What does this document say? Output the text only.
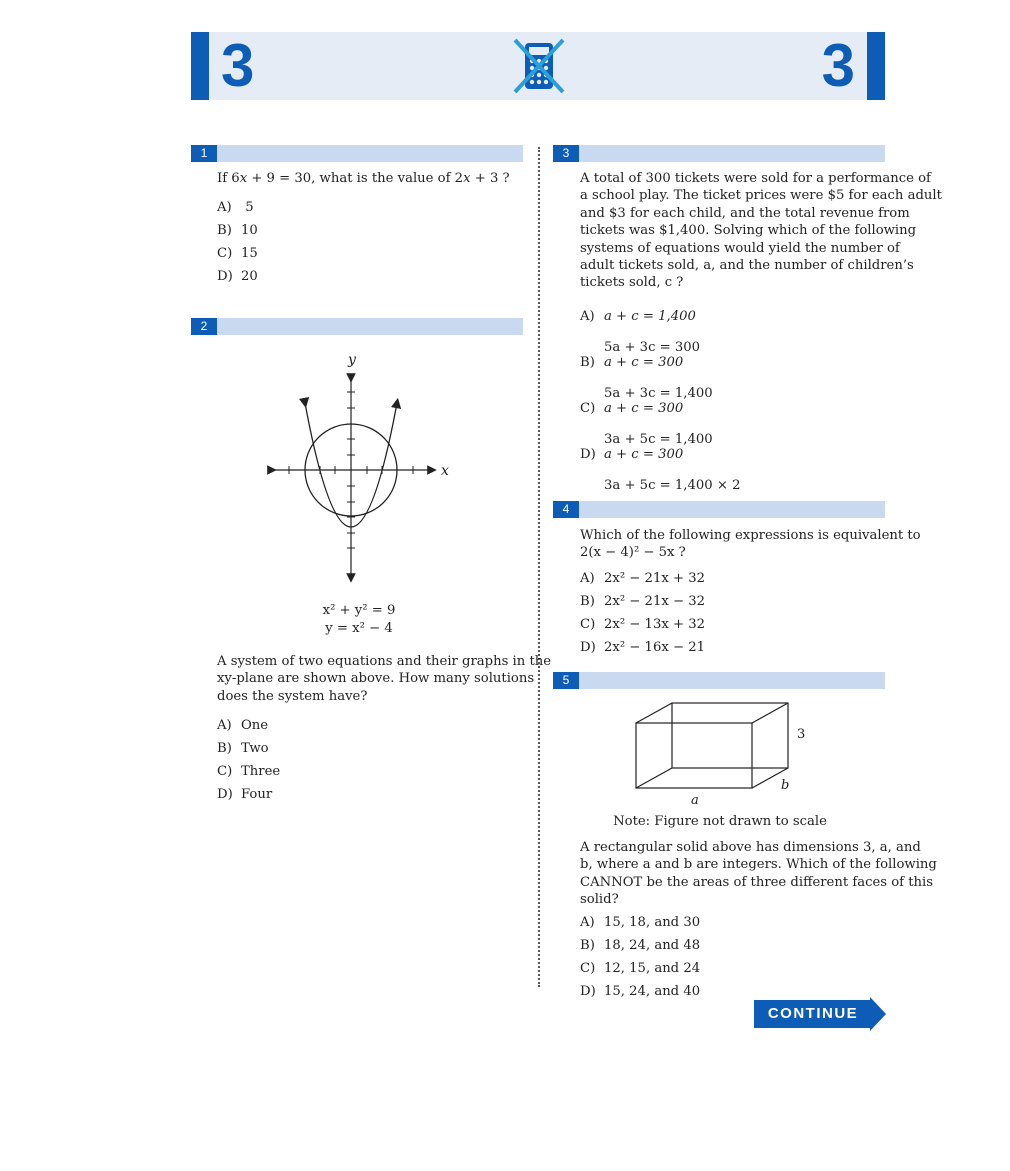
3	3
1
If 6x + 9 = 30, what is the value of 2x + 3 ?
A) 5
B) 10
C) 15
D) 20
2
y
x
x² + y² = 9
y = x² − 4
A system of two equations and their graphs in the
xy-plane are shown above. How many solutions
does the system have?
A) One
B) Two
C) Three
D) Four
3
A total of 300 tickets were sold for a performance of
a school play. The ticket prices were $5 for each adult
and $3 for each child, and the total revenue from
tickets was $1,400. Solving which of the following
systems of equations would yield the number of
adult tickets sold, a, and the number of children’s
tickets sold, c ?
A) a + c = 1,400
5a + 3c = 300
B) a + c = 300
5a + 3c = 1,400
C) a + c = 300
3a + 5c = 1,400
D) a + c = 300
3a + 5c = 1,400 × 2
4
Which of the following expressions is equivalent to
2(x − 4)² − 5x ?
A) 2x² − 21x + 32
B) 2x² − 21x − 32
C) 2x² − 13x + 32
D) 2x² − 16x − 21
5
3
b
a
Note: Figure not drawn to scale
A rectangular solid above has dimensions 3, a, and
b, where a and b are integers. Which of the following
CANNOT be the areas of three different faces of this
solid?
A) 15, 18, and 30
B) 18, 24, and 48
C) 12, 15, and 24
D) 15, 24, and 40
CONTINUE
